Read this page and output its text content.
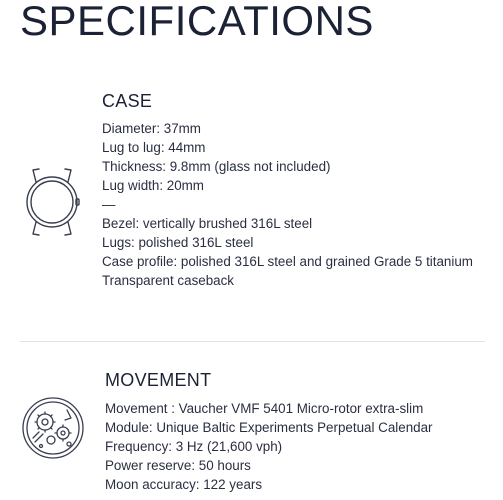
SPECIFICATIONS
CASE
Diameter: 37mm
Lug to lug: 44mm
Thickness: 9.8mm (glass not included)
Lug width: 20mm
—
Bezel: vertically brushed 316L steel
Lugs: polished 316L steel
Case profile: polished 316L steel and grained Grade 5 titanium
Transparent caseback
MOVEMENT
Movement : Vaucher VMF 5401 Micro-rotor extra-slim
Module: Unique Baltic Experiments Perpetual Calendar
Frequency: 3 Hz (21,600 vph)
Power reserve: 50 hours
Moon accuracy: 122 years
